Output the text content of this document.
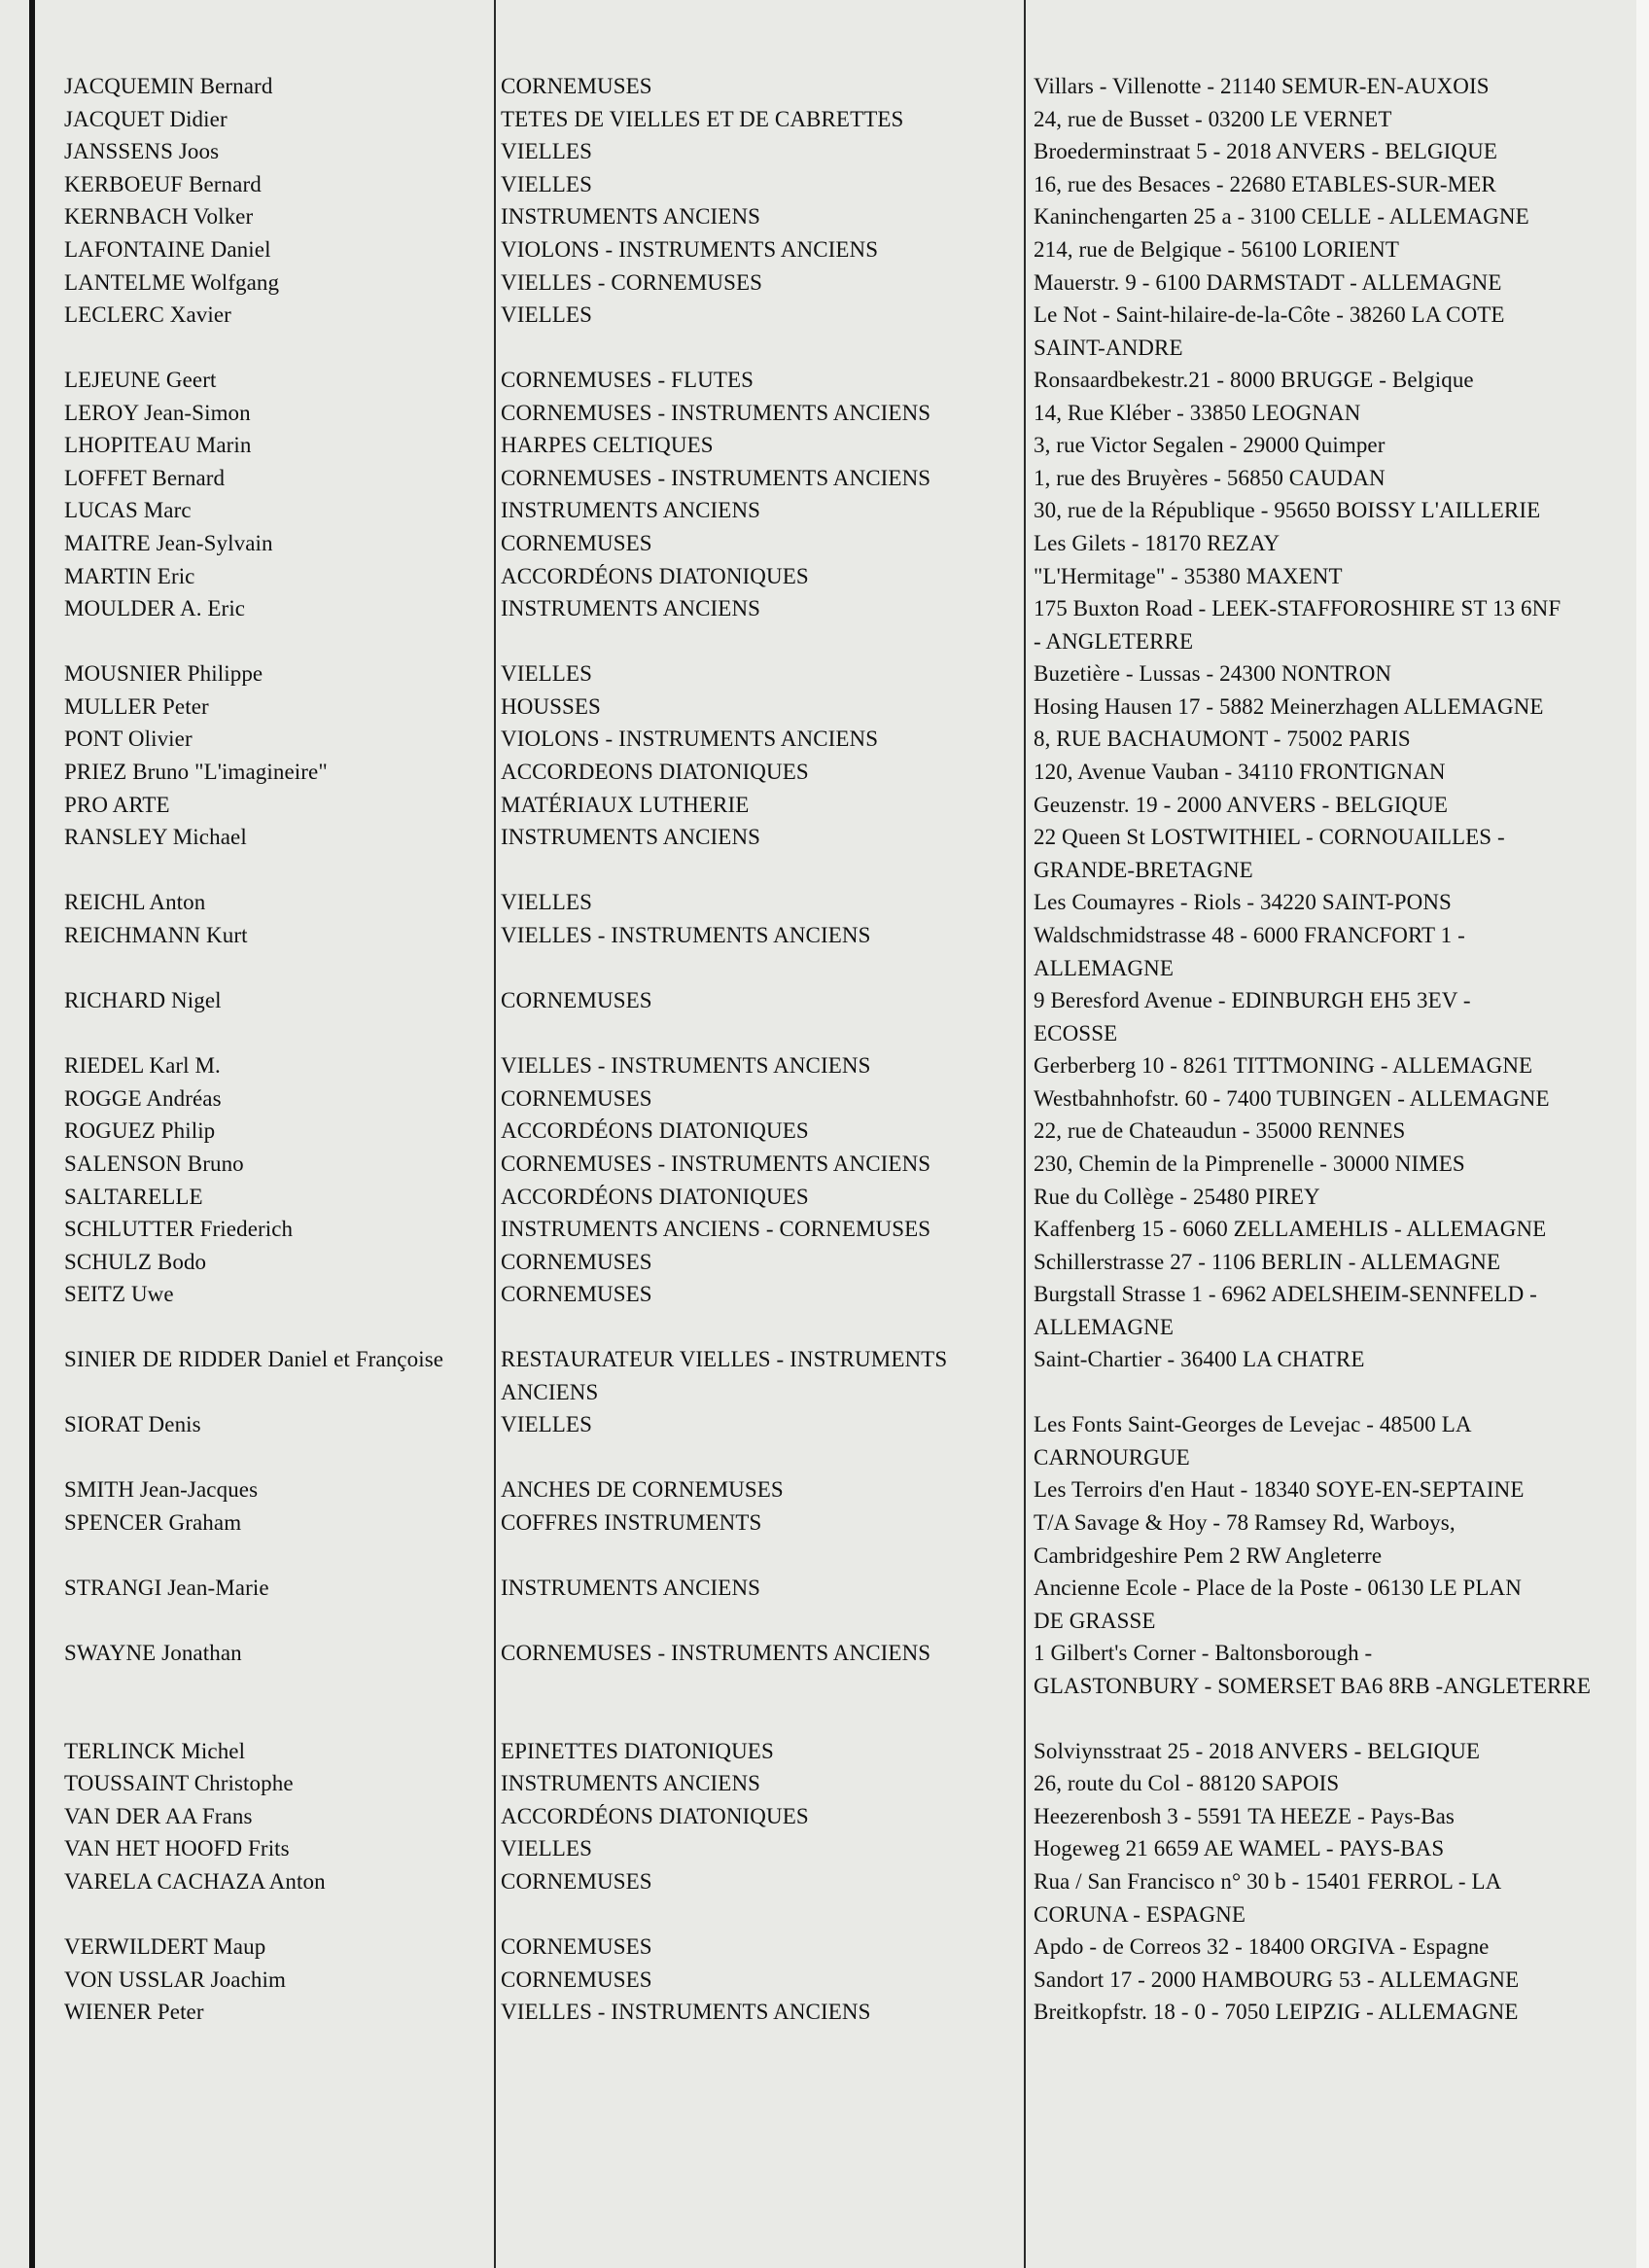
JACQUEMIN Bernard	CORNEMUSES	Villars - Villenotte - 21140 SEMUR-EN-AUXOIS
JACQUET Didier	TETES DE VIELLES ET DE CABRETTES	24, rue de Busset - 03200 LE VERNET
JANSSENS Joos	VIELLES	Broederminstraat 5 - 2018 ANVERS - BELGIQUE
KERBOEUF Bernard	VIELLES	16, rue des Besaces - 22680 ETABLES-SUR-MER
KERNBACH Volker	INSTRUMENTS ANCIENS	Kaninchengarten 25 a - 3100 CELLE - ALLEMAGNE
LAFONTAINE Daniel	VIOLONS - INSTRUMENTS ANCIENS	214, rue de Belgique - 56100 LORIENT
LANTELME Wolfgang	VIELLES - CORNEMUSES	Mauerstr. 9 - 6100 DARMSTADT - ALLEMAGNE
LECLERC Xavier	VIELLES	Le Not - Saint-hilaire-de-la-Côte - 38260 LA COTE
SAINT-ANDRE
LEJEUNE Geert	CORNEMUSES - FLUTES	Ronsaardbekestr.21 - 8000 BRUGGE - Belgique
LEROY Jean-Simon	CORNEMUSES - INSTRUMENTS ANCIENS	14, Rue Kléber - 33850 LEOGNAN
LHOPITEAU Marin	HARPES CELTIQUES	3, rue Victor Segalen - 29000 Quimper
LOFFET Bernard	CORNEMUSES - INSTRUMENTS ANCIENS	1, rue des Bruyères - 56850 CAUDAN
LUCAS Marc	INSTRUMENTS ANCIENS	30, rue de la République - 95650 BOISSY L'AILLERIE
MAITRE Jean-Sylvain	CORNEMUSES	Les Gilets - 18170 REZAY
MARTIN Eric	ACCORDÉONS DIATONIQUES	"L'Hermitage" - 35380 MAXENT
MOULDER A. Eric	INSTRUMENTS ANCIENS	175 Buxton Road - LEEK-STAFFOROSHIRE ST 13 6NF
- ANGLETERRE
MOUSNIER Philippe	VIELLES	Buzetière - Lussas - 24300 NONTRON
MULLER Peter	HOUSSES	Hosing Hausen 17 - 5882 Meinerzhagen ALLEMAGNE
PONT Olivier	VIOLONS - INSTRUMENTS ANCIENS	8, RUE BACHAUMONT - 75002 PARIS
PRIEZ Bruno "L'imagineire"	ACCORDEONS DIATONIQUES	120, Avenue Vauban - 34110 FRONTIGNAN
PRO ARTE	MATÉRIAUX LUTHERIE	Geuzenstr. 19 - 2000 ANVERS - BELGIQUE
RANSLEY Michael	INSTRUMENTS ANCIENS	22 Queen St LOSTWITHIEL - CORNOUAILLES -
GRANDE-BRETAGNE
REICHL Anton	VIELLES	Les Coumayres - Riols - 34220 SAINT-PONS
REICHMANN Kurt	VIELLES - INSTRUMENTS ANCIENS	Waldschmidstrasse 48 - 6000 FRANCFORT 1 -
ALLEMAGNE
RICHARD Nigel	CORNEMUSES	9 Beresford Avenue - EDINBURGH EH5 3EV -
ECOSSE
RIEDEL Karl M.	VIELLES - INSTRUMENTS ANCIENS	Gerberberg 10 - 8261 TITTMONING - ALLEMAGNE
ROGGE Andréas	CORNEMUSES	Westbahnhofstr. 60 - 7400 TUBINGEN - ALLEMAGNE
ROGUEZ Philip	ACCORDÉONS DIATONIQUES	22, rue de Chateaudun - 35000 RENNES
SALENSON Bruno	CORNEMUSES - INSTRUMENTS ANCIENS	230, Chemin de la Pimprenelle - 30000 NIMES
SALTARELLE	ACCORDÉONS DIATONIQUES	Rue du Collège - 25480 PIREY
SCHLUTTER Friederich	INSTRUMENTS ANCIENS - CORNEMUSES	Kaffenberg 15 - 6060 ZELLAMEHLIS - ALLEMAGNE
SCHULZ Bodo	CORNEMUSES	Schillerstrasse 27 - 1106 BERLIN - ALLEMAGNE
SEITZ Uwe	CORNEMUSES	Burgstall Strasse 1 - 6962 ADELSHEIM-SENNFELD -
ALLEMAGNE
SINIER DE RIDDER Daniel et Françoise	RESTAURATEUR VIELLES - INSTRUMENTS ANCIENS
Saint-Chartier - 36400 LA CHATRE
SIORAT Denis	VIELLES	Les Fonts Saint-Georges de Levejac - 48500 LA
CARNOURGUE
SMITH Jean-Jacques	ANCHES DE CORNEMUSES	Les Terroirs d'en Haut - 18340 SOYE-EN-SEPTAINE
SPENCER Graham	COFFRES INSTRUMENTS	T/A Savage & Hoy - 78 Ramsey Rd, Warboys,
Cambridgeshire Pem 2 RW Angleterre
STRANGI Jean-Marie	INSTRUMENTS ANCIENS	Ancienne Ecole - Place de la Poste - 06130 LE PLAN
DE GRASSE
SWAYNE Jonathan	CORNEMUSES - INSTRUMENTS ANCIENS	1 Gilbert's Corner - Baltonsborough -
GLASTONBURY - SOMERSET BA6 8RB -ANGLETERRE
TERLINCK Michel	EPINETTES DIATONIQUES	Solviynsstraat 25 - 2018 ANVERS - BELGIQUE
TOUSSAINT Christophe	INSTRUMENTS ANCIENS	26, route du Col - 88120 SAPOIS
VAN DER AA Frans	ACCORDÉONS DIATONIQUES	Heezerenbosh 3 - 5591 TA HEEZE - Pays-Bas
VAN HET HOOFD Frits	VIELLES	Hogeweg 21 6659 AE WAMEL - PAYS-BAS
VARELA CACHAZA Anton	CORNEMUSES	Rua / San Francisco n° 30 b - 15401 FERROL - LA
CORUNA - ESPAGNE
VERWILDERT Maup	CORNEMUSES	Apdo - de Correos 32 - 18400 ORGIVA - Espagne
VON USSLAR Joachim	CORNEMUSES	Sandort 17 - 2000 HAMBOURG 53 - ALLEMAGNE
WIENER Peter	VIELLES - INSTRUMENTS ANCIENS	Breitkopfstr. 18 - 0 - 7050 LEIPZIG - ALLEMAGNE
